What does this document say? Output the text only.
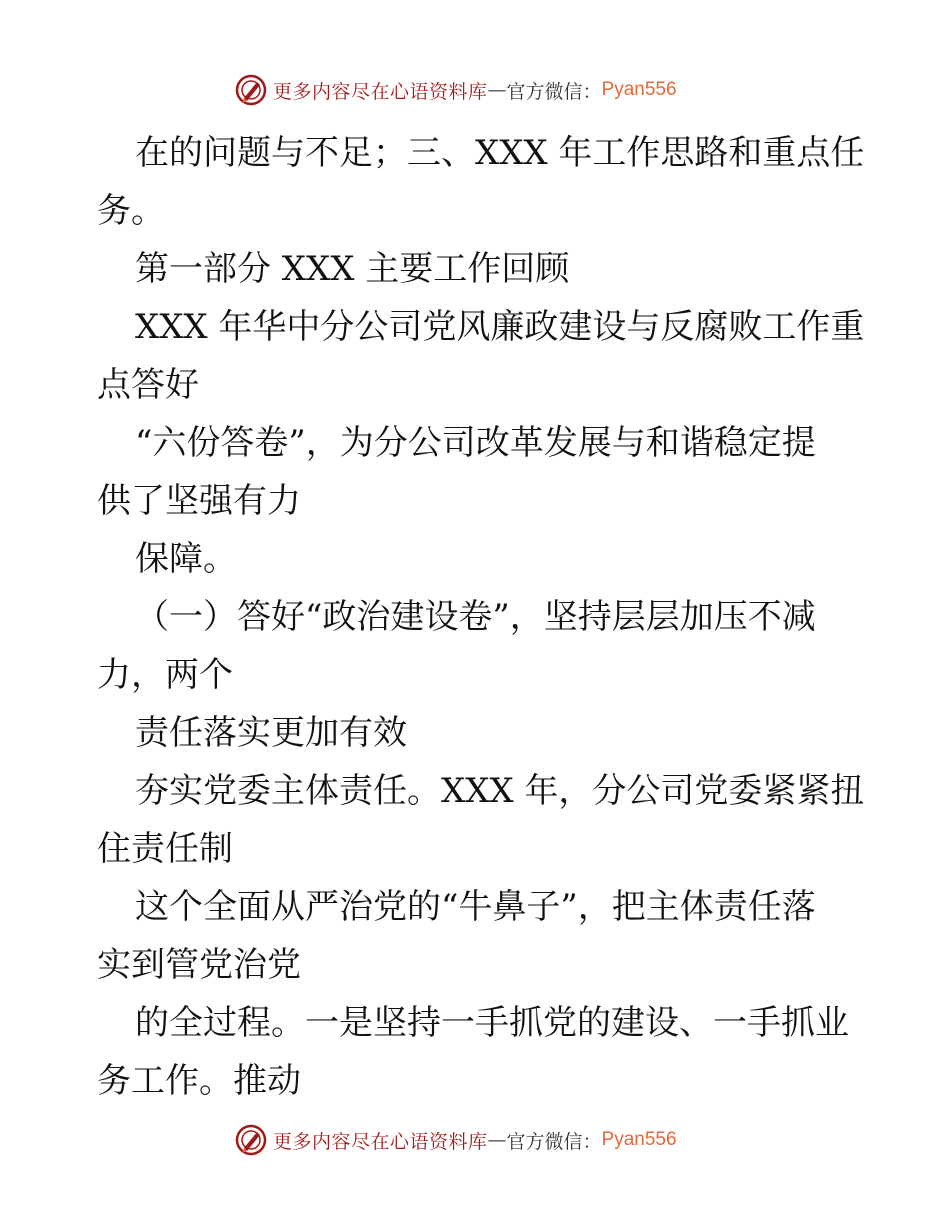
更多内容尽在心语资料库 — 官方微信： Pyan556
在的问题与不足；三、XXX 年工作思路和重点任
务。
第一部分 XXX 主要工作回顾
XXX 年华中分公司党风廉政建设与反腐败工作重
点答好
“六份答卷”，为分公司改革发展与和谐稳定提
供了坚强有力
保障。
（一）答好“政治建设卷”，坚持层层加压不减
力，两个
责任落实更加有效
夯实党委主体责任。XXX 年，分公司党委紧紧扭
住责任制
这个全面从严治党的“牛鼻子”，把主体责任落
实到管党治党
的全过程。一是坚持一手抓党的建设、一手抓业
务工作。推动
更多内容尽在心语资料库 — 官方微信： Pyan556
